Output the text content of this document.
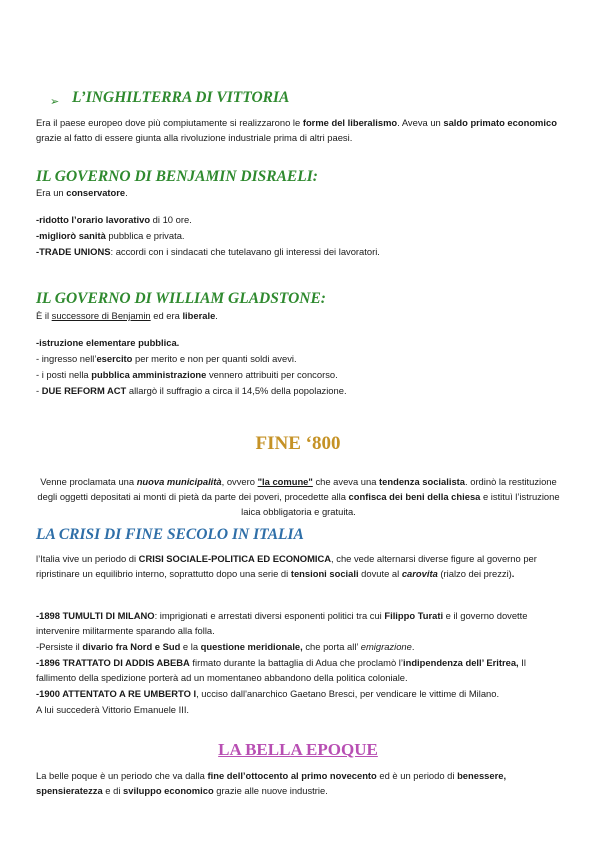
➢ L’INGHILTERRA DI VITTORIA

Era il paese europeo dove più compiutamente si realizzarono le forme del liberalismo. Aveva un saldo primato economico grazie al fatto di essere giunta alla rivoluzione industriale prima di altri paesi.

IL GOVERNO DI BENJAMIN DISRAELI:

Era un conservatore.

-ridotto l’orario lavorativo di 10 ore.

-migliorò sanità pubblica e privata.

-TRADE UNIONS: accordi con i sindacati che tutelavano gli interessi dei lavoratori.

IL GOVERNO DI WILLIAM GLADSTONE:

È il successore di Benjamin ed era liberale.

-istruzione elementare pubblica.

- ingresso nell’esercito per merito e non per quanti soldi avevi.

- i posti nella pubblica amministrazione vennero attribuiti per concorso.

- DUE REFORM ACT allargò il suffragio a circa il 14,5% della popolazione.

FINE ‘800

Venne proclamata una nuova municipalità, ovvero "la comune" che aveva una tendenza socialista. ordinò la restituzione degli oggetti depositati ai monti di pietà da parte dei poveri, procedette alla confisca dei beni della chiesa e istituì l’istruzione laica obbligatoria e gratuita.

LA CRISI DI FINE SECOLO IN ITALIA

l’Italia vive un periodo di CRISI SOCIALE-POLITICA ED ECONOMICA, che vede alternarsi diverse figure al governo per ripristinare un equilibrio interno, soprattutto dopo una serie di tensioni sociali dovute al carovita (rialzo dei prezzi).

-1898 TUMULTI DI MILANO: imprigionati e arrestati diversi esponenti politici tra cui Filippo Turati e il governo dovette intervenire militarmente sparando alla folla.

-Persiste il divario fra Nord e Sud e la questione meridionale, che porta all’ emigrazione.

-1896 TRATTATO DI ADDIS ABEBA firmato durante la battaglia di Adua che proclamò l’indipendenza dell’ Eritrea, Il fallimento della spedizione porterà ad un momentaneo abbandono della politica coloniale.

-1900 ATTENTATO A RE UMBERTO I, ucciso dall'anarchico Gaetano Bresci, per vendicare le vittime di Milano.

A lui succederà Vittorio Emanuele III.

LA BELLA EPOQUE

La belle poque è un periodo che va dalla fine dell’ottocento al primo novecento ed è un periodo di benessere, spensieratezza e di sviluppo economico grazie alle nuove industrie.
